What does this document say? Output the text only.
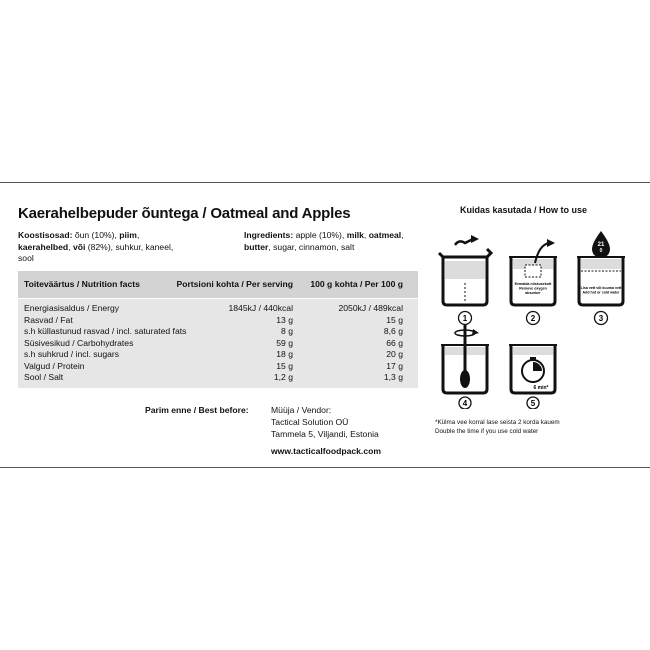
Kaerahelbepuder õuntega / Oatmeal and Apples
Koostisosad: õun (10%), piim, kaerahelbed, või (82%), suhkur, kaneel, sool
Ingredients: apple (10%), milk, oatmeal, butter, sugar, cinnamon, salt
Toiteväärtus / Nutrition facts	Portsioni kohta / Per serving 100 g kohta / Per 100 g
Energiasisaldus / Energy	1845kJ / 440kcal	2050kJ / 489kcal
Rasvad / Fat	13 g	15 g
s.h küllastunud rasvad / incl. saturated fats	8 g	8,6 g
Süsivesikud / Carbohydrates	59 g	66 g
s.h suhkrud / incl. sugars	18 g	20 g
Valgud / Protein	15 g	17 g
Sool / Salt	1,2 g	1,3 g
Parim enne / Best before:	Müüja / Vendor:
Tactical Solution OÜ
Tammela 5, Viljandi, Estonia
www.tacticalfoodpack.com
Kuidas kasutada / How to use
1
Eemalda niiskusekott
Remove oxygen
absorber
2
21
0
Lisa vett või kuuma vett
Add hot or cold water
3
4
6 min*
5
*Külma vee korral lase seista 2 korda kauem
Double the time if you use cold water
